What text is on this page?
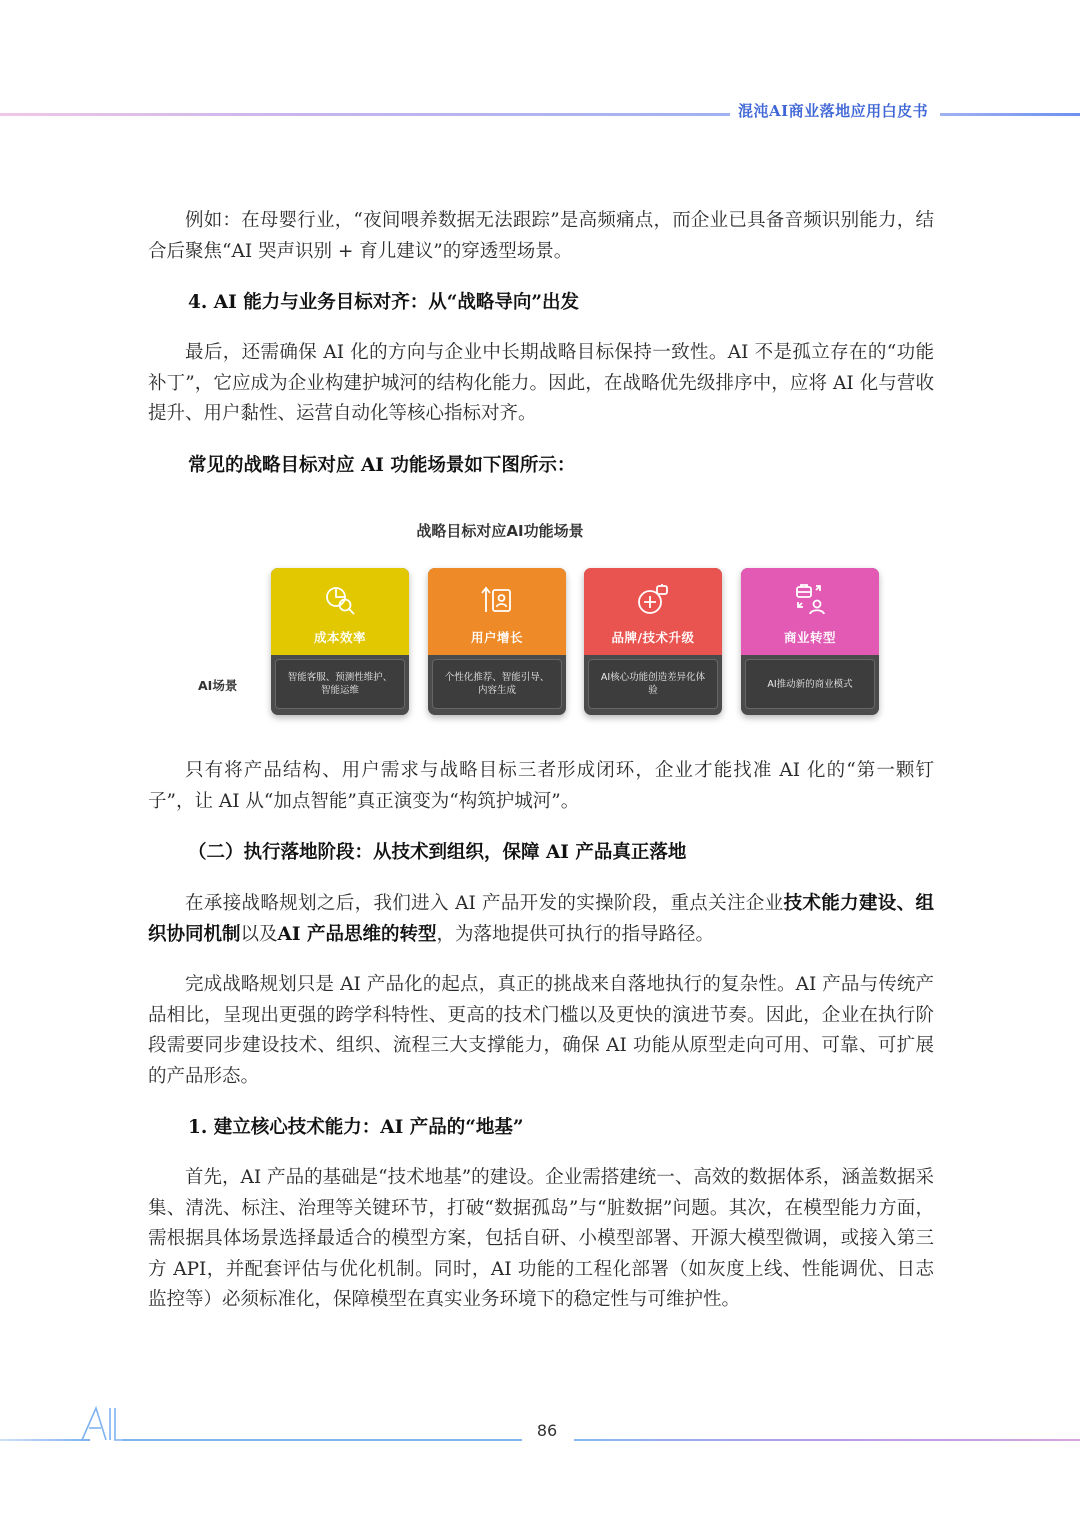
混沌AI商业落地应用白皮书

例如：在母婴行业，“夜间喂养数据无法跟踪”是高频痛点，而企业已具备音频识别能力，结合后聚焦“AI 哭声识别 + 育儿建议”的穿透型场景。

4. AI 能力与业务目标对齐：从“战略导向”出发

最后，还需确保 AI 化的方向与企业中长期战略目标保持一致性。AI 不是孤立存在的“功能补丁”，它应成为企业构建护城河的结构化能力。因此，在战略优先级排序中，应将 AI 化与营收提升、用户黏性、运营自动化等核心指标对齐。

常见的战略目标对应 AI 功能场景如下图所示：

战略目标对应AI功能场景
AI场景
成本效率
智能客服、预测性维护、智能运维
用户增长
个性化推荐、智能引导、内容生成
品牌/技术升级
AI核心功能创造差异化体验
商业转型
AI推动新的商业模式

只有将产品结构、用户需求与战略目标三者形成闭环，企业才能找准 AI 化的“第一颗钉子”，让 AI 从“加点智能”真正演变为“构筑护城河”。

（二）执行落地阶段：从技术到组织，保障 AI 产品真正落地

在承接战略规划之后，我们进入 AI 产品开发的实操阶段，重点关注企业技术能力建设、组织协同机制以及AI 产品思维的转型，为落地提供可执行的指导路径。

完成战略规划只是 AI 产品化的起点，真正的挑战来自落地执行的复杂性。AI 产品与传统产品相比，呈现出更强的跨学科特性、更高的技术门槛以及更快的演进节奏。因此，企业在执行阶段需要同步建设技术、组织、流程三大支撑能力，确保 AI 功能从原型走向可用、可靠、可扩展的产品形态。

1. 建立核心技术能力：AI 产品的“地基”

首先，AI 产品的基础是“技术地基”的建设。企业需搭建统一、高效的数据体系，涵盖数据采集、清洗、标注、治理等关键环节，打破“数据孤岛”与“脏数据”问题。其次，在模型能力方面，需根据具体场景选择最适合的模型方案，包括自研、小模型部署、开源大模型微调，或接入第三方 API，并配套评估与优化机制。同时，AI 功能的工程化部署（如灰度上线、性能调优、日志监控等）必须标准化，保障模型在真实业务环境下的稳定性与可维护性。

86
